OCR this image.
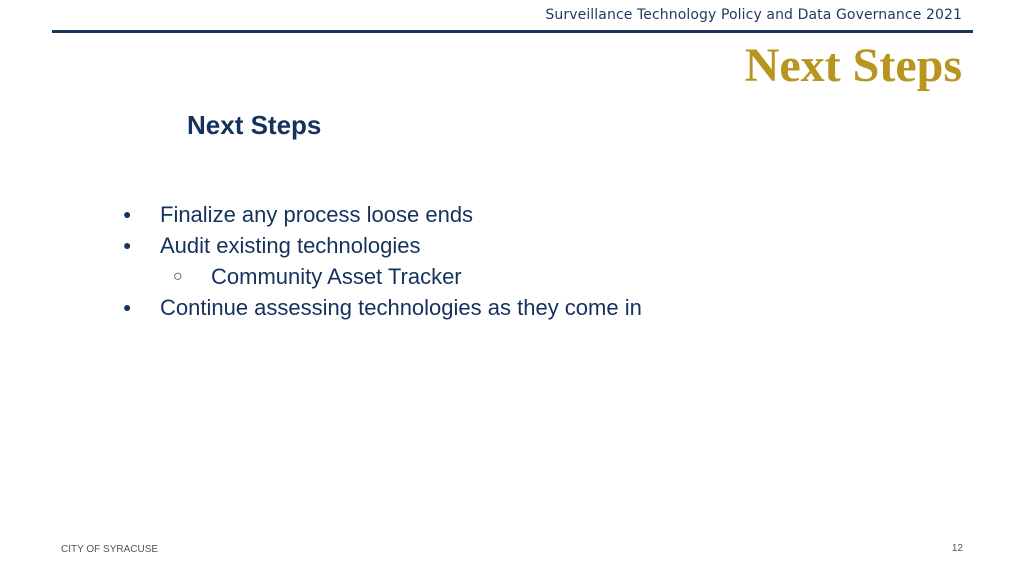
Surveillance Technology Policy and Data Governance 2021
Next Steps
Next Steps
● Finalize any process loose ends
● Audit existing technologies
○ Community Asset Tracker
● Continue assessing technologies as they come in
CITY OF SYRACUSE	12
